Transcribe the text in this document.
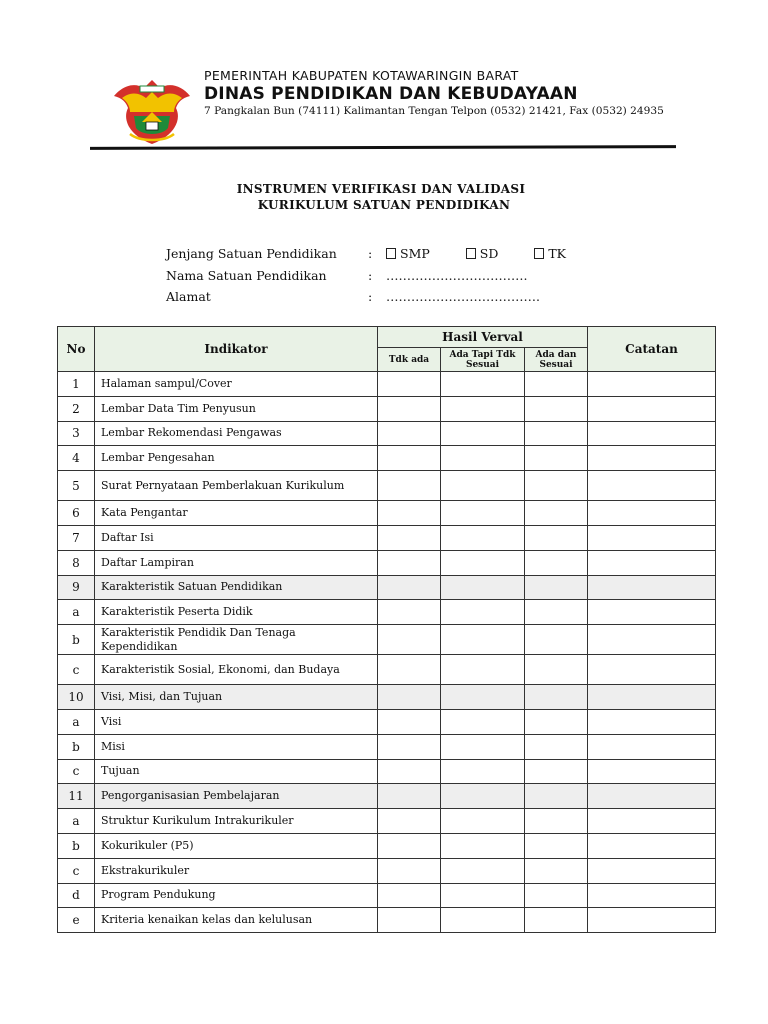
PEMERINTAH KABUPATEN KOTAWARINGIN BARAT
DINAS PENDIDIKAN DAN KEBUDAYAAN
7 Pangkalan Bun (74111) Kalimantan Tengan Telpon (0532) 21421, Fax (0532) 24935
INSTRUMEN VERIFIKASI DAN VALIDASI
KURIKULUM SATUAN PENDIDIKAN
Jenjang Satuan Pendidikan :	SMP	SD	TK
Nama Satuan Pendidikan	: …………………………….
Alamat	: ……………………………….
No	Indikator	Hasil Verval			Catatan
		Tdk ada	Ada Tapi Tdk Sesuai	Ada dan Sesuai	
1	Halaman sampul/Cover				
2	Lembar Data Tim Penyusun				
3	Lembar Rekomendasi Pengawas				
4	Lembar Pengesahan				
5	Surat Pernyataan Pemberlakuan Kurikulum				
6	Kata Pengantar				
7	Daftar Isi				
8	Daftar Lampiran				
9	Karakteristik Satuan Pendidikan				
a	Karakteristik Peserta Didik				
b	Karakteristik Pendidik Dan Tenaga Kependidikan				
c	Karakteristik Sosial, Ekonomi, dan Budaya				
10	Visi, Misi, dan Tujuan				
a	Visi				
b	Misi				
c	Tujuan				
11	Pengorganisasian Pembelajaran				
a	Struktur Kurikulum Intrakurikuler				
b	Kokurikuler (P5)				
c	Ekstrakurikuler				
d	Program Pendukung				
e	Kriteria kenaikan kelas dan kelulusan				
